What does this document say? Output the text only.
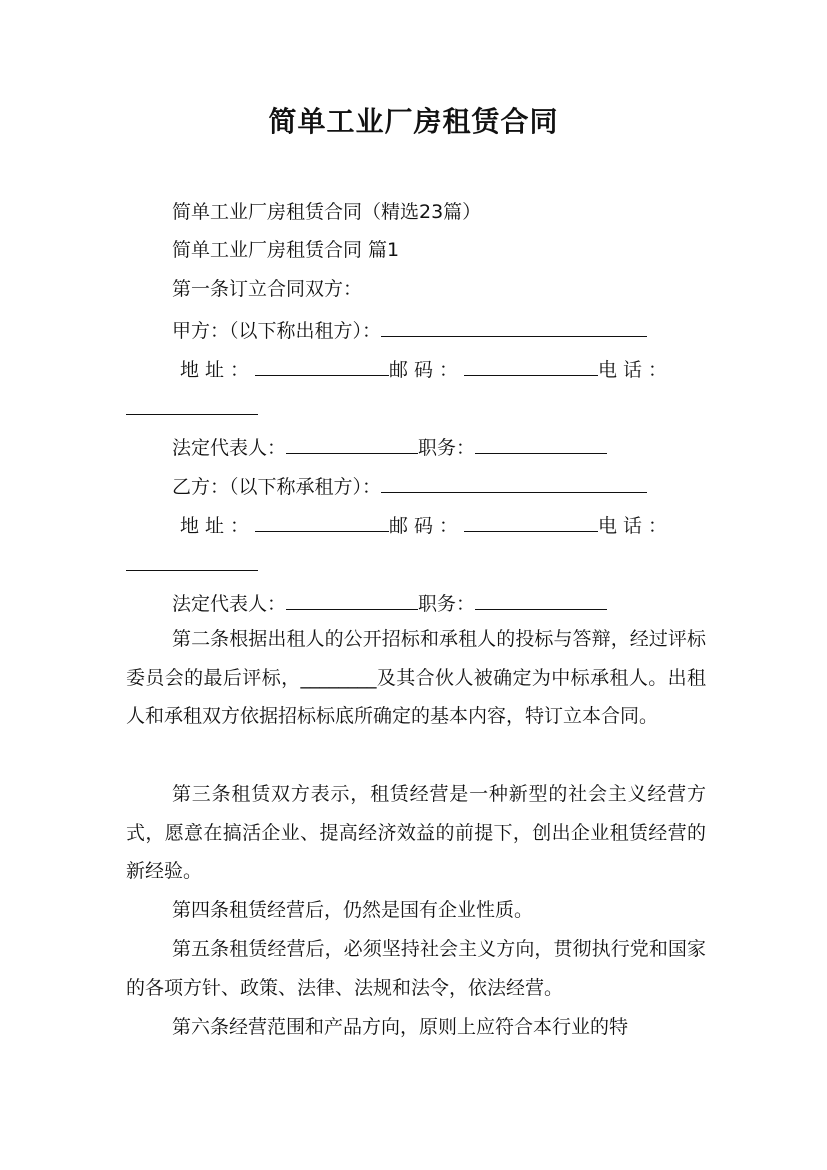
简单工业厂房租赁合同
简单工业厂房租赁合同（精选23篇）
简单工业厂房租赁合同 篇1
第一条订立合同双方：
甲方：（以下称出租方）：
地址：	邮码：	电话：
法定代表人：	职务：
乙方：（以下称承租方）：
地址：	邮码：	电话：
法定代表人：	职务：
第二条根据出租人的公开招标和承租人的投标与答辩，经过评标委员会的最后评标，________及其合伙人被确定为中标承租人。出租人和承租双方依据招标标底所确定的基本内容，特订立本合同。
第三条租赁双方表示，租赁经营是一种新型的社会主义经营方式，愿意在搞活企业、提高经济效益的前提下，创出企业租赁经营的新经验。
第四条租赁经营后，仍然是国有企业性质。
第五条租赁经营后，必须坚持社会主义方向，贯彻执行党和国家的各项方针、政策、法律、法规和法令，依法经营。
第六条经营范围和产品方向，原则上应符合本行业的特
